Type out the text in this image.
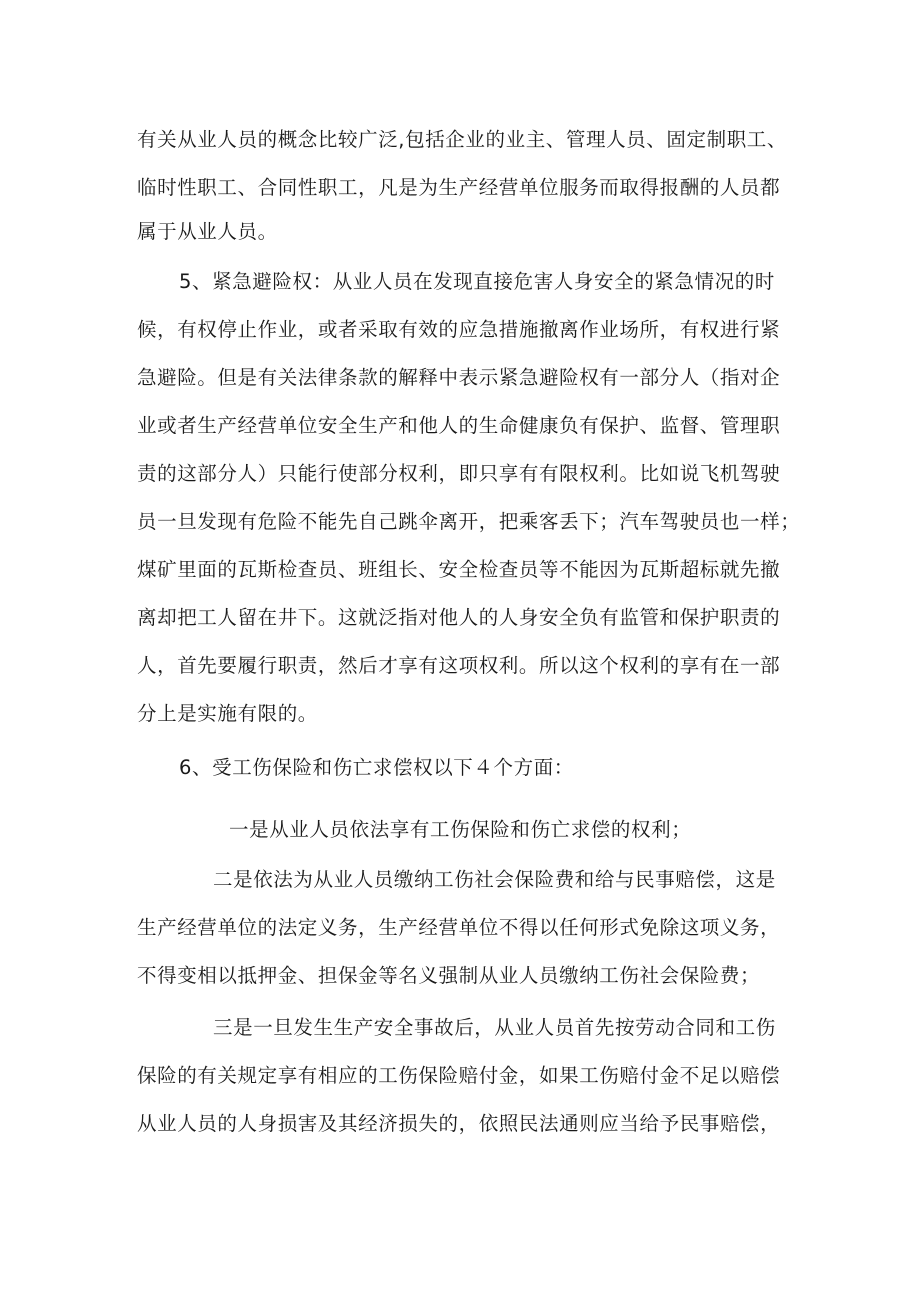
有关从业人员的概念比较广泛,包括企业的业主、管理人员、固定制职工、
临时性职工、合同性职工，凡是为生产经营单位服务而取得报酬的人员都
属于从业人员。
5、紧急避险权：从业人员在发现直接危害人身安全的紧急情况的时
候，有权停止作业，或者采取有效的应急措施撤离作业场所，有权进行紧
急避险。但是有关法律条款的解释中表示紧急避险权有一部分人（指对企
业或者生产经营单位安全生产和他人的生命健康负有保护、监督、管理职
责的这部分人）只能行使部分权利，即只享有有限权利。比如说飞机驾驶
员一旦发现有危险不能先自己跳伞离开，把乘客丢下；汽车驾驶员也一样；
煤矿里面的瓦斯检查员、班组长、安全检查员等不能因为瓦斯超标就先撤
离却把工人留在井下。这就泛指对他人的人身安全负有监管和保护职责的
人，首先要履行职责，然后才享有这项权利。所以这个权利的享有在一部
分上是实施有限的。
6、受工伤保险和伤亡求偿权以下４个方面：
一是从业人员依法享有工伤保险和伤亡求偿的权利；
二是依法为从业人员缴纳工伤社会保险费和给与民事赔偿，这是
生产经营单位的法定义务，生产经营单位不得以任何形式免除这项义务，
不得变相以抵押金、担保金等名义强制从业人员缴纳工伤社会保险费；
三是一旦发生生产安全事故后，从业人员首先按劳动合同和工伤
保险的有关规定享有相应的工伤保险赔付金，如果工伤赔付金不足以赔偿
从业人员的人身损害及其经济损失的，依照民法通则应当给予民事赔偿，
